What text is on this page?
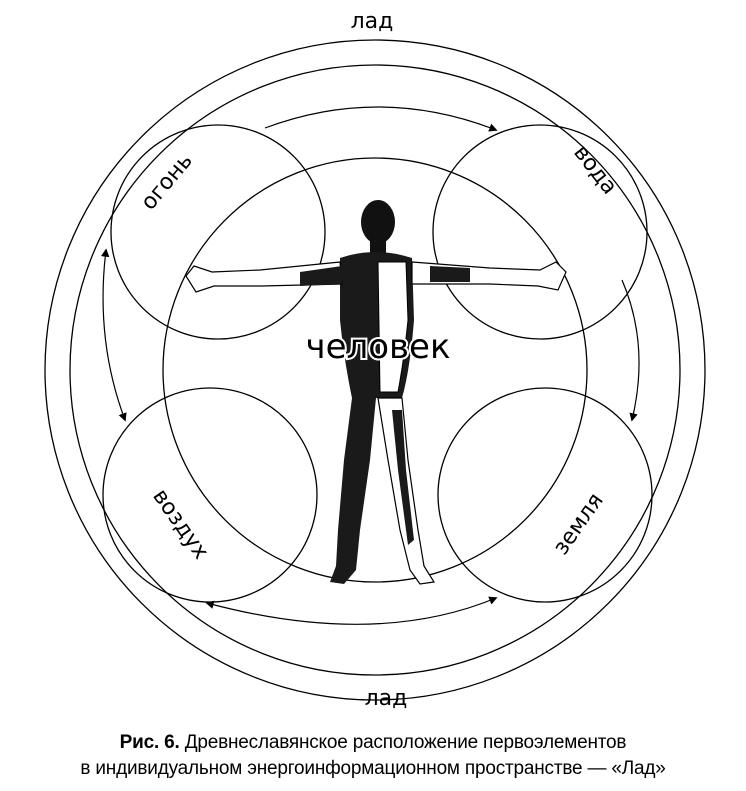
лад
лад
человек
огонь	вода
воздух	земля
Рис. 6. Древнеславянское расположение первоэлементов
в индивидуальном энергоинформационном пространстве — «Лад»
